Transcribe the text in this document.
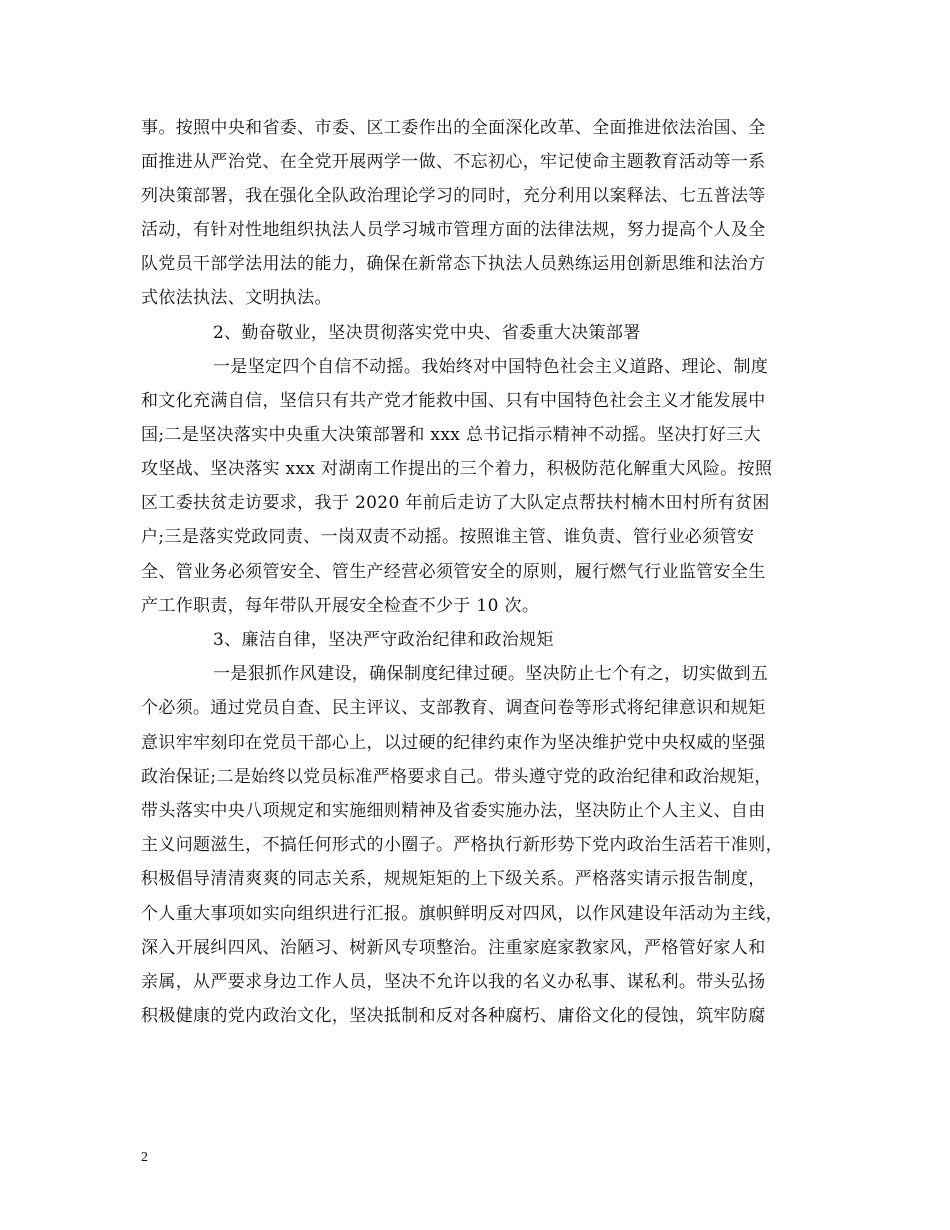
事。按照中央和省委、市委、区工委作出的全面深化改革、全面推进依法治国、全
面推进从严治党、在全党开展两学一做、不忘初心，牢记使命主题教育活动等一系
列决策部署，我在强化全队政治理论学习的同时，充分利用以案释法、七五普法等
活动，有针对性地组织执法人员学习城市管理方面的法律法规，努力提高个人及全
队党员干部学法用法的能力，确保在新常态下执法人员熟练运用创新思维和法治方
式依法执法、文明执法。
2、勤奋敬业，坚决贯彻落实党中央、省委重大决策部署
一是坚定四个自信不动摇。我始终对中国特色社会主义道路、理论、制度
和文化充满自信，坚信只有共产党才能救中国、只有中国特色社会主义才能发展中
国;二是坚决落实中央重大决策部署和 xxx 总书记指示精神不动摇。坚决打好三大
攻坚战、坚决落实 xxx 对湖南工作提出的三个着力，积极防范化解重大风险。按照
区工委扶贫走访要求，我于 2020 年前后走访了大队定点帮扶村楠木田村所有贫困
户;三是落实党政同责、一岗双责不动摇。按照谁主管、谁负责、管行业必须管安
全、管业务必须管安全、管生产经营必须管安全的原则，履行燃气行业监管安全生
产工作职责，每年带队开展安全检查不少于 10 次。
3、廉洁自律，坚决严守政治纪律和政治规矩
一是狠抓作风建设，确保制度纪律过硬。坚决防止七个有之，切实做到五
个必须。通过党员自查、民主评议、支部教育、调查问卷等形式将纪律意识和规矩
意识牢牢刻印在党员干部心上，以过硬的纪律约束作为坚决维护党中央权威的坚强
政治保证;二是始终以党员标准严格要求自己。带头遵守党的政治纪律和政治规矩，
带头落实中央八项规定和实施细则精神及省委实施办法，坚决防止个人主义、自由
主义问题滋生，不搞任何形式的小圈子。严格执行新形势下党内政治生活若干准则，
积极倡导清清爽爽的同志关系，规规矩矩的上下级关系。严格落实请示报告制度，
个人重大事项如实向组织进行汇报。旗帜鲜明反对四风，以作风建设年活动为主线，
深入开展纠四风、治陋习、树新风专项整治。注重家庭家教家风，严格管好家人和
亲属，从严要求身边工作人员，坚决不允许以我的名义办私事、谋私利。带头弘扬
积极健康的党内政治文化，坚决抵制和反对各种腐朽、庸俗文化的侵蚀，筑牢防腐
2
